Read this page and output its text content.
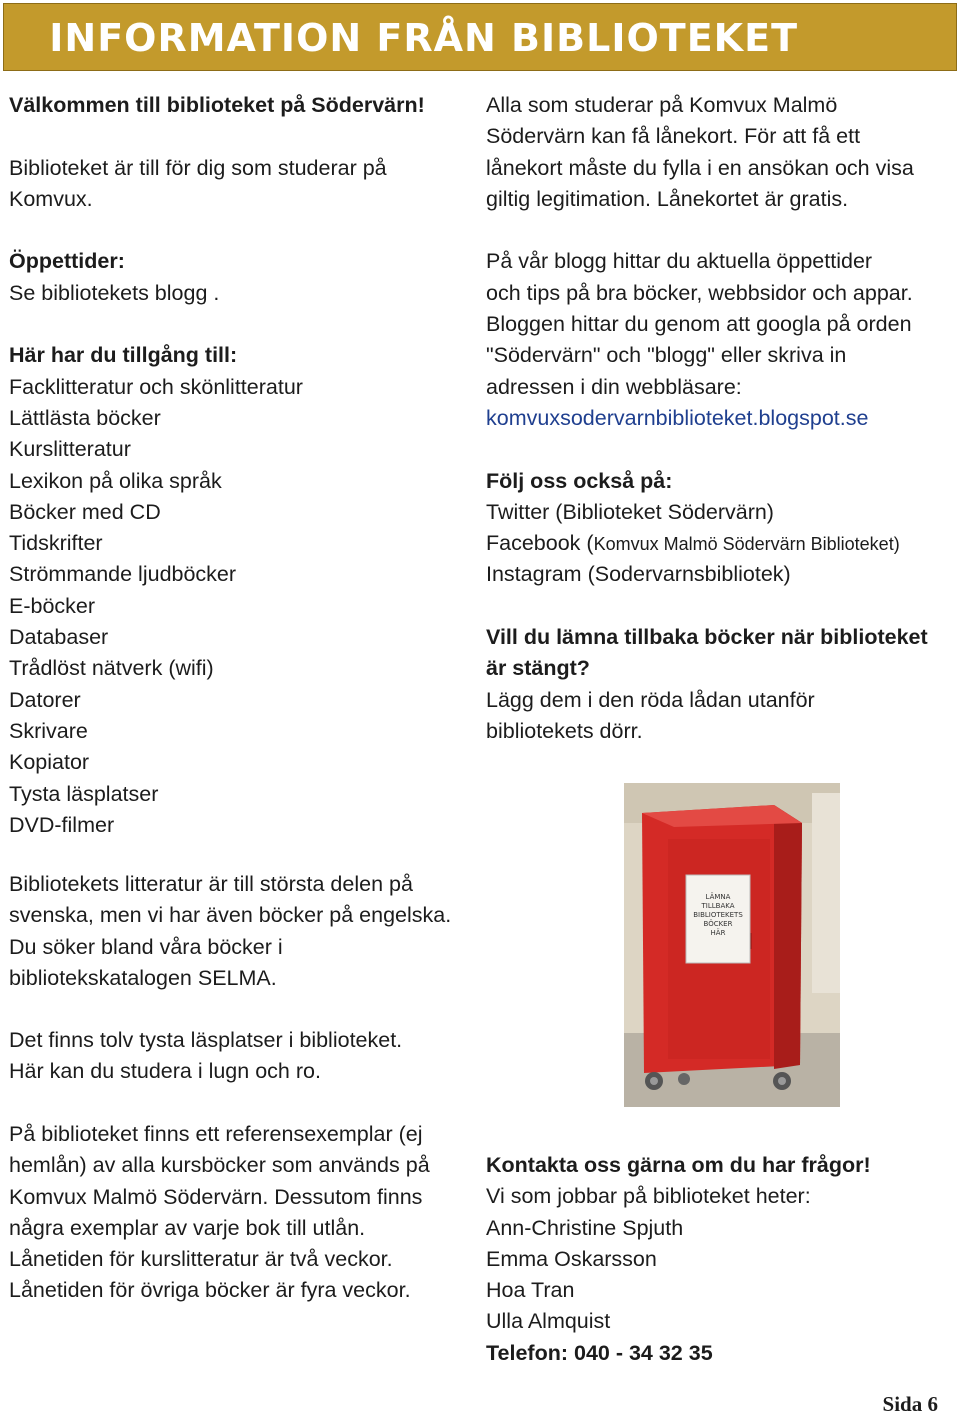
INFORMATION FRÅN BIBLIOTEKET
Välkommen till biblioteket på Södervärn!
Biblioteket är till för dig som studerar på
Komvux.
Öppettider:
Se bibliotekets blogg .
Här har du tillgång till:
Facklitteratur och skönlitteratur
Lättlästa böcker
Kurslitteratur
Lexikon på olika språk
Böcker med CD
Tidskrifter
Strömmande ljudböcker
E-böcker
Databaser
Trådlöst nätverk (wifi)
Datorer
Skrivare
Kopiator
Tysta läsplatser
DVD-filmer
Bibliotekets litteratur är till största delen på
svenska, men vi har även böcker på engelska.
Du söker bland våra böcker i
bibliotekskatalogen SELMA.
Det finns tolv tysta läsplatser i biblioteket.
Här kan du studera i lugn och ro.
På biblioteket finns ett referensexemplar (ej
hemlån) av alla kursböcker som används på
Komvux Malmö Södervärn. Dessutom finns
några exemplar av varje bok till utlån.
Lånetiden för kurslitteratur är två veckor.
Lånetiden för övriga böcker är fyra veckor.
Alla som studerar på Komvux Malmö
Södervärn kan få lånekort. För att få ett
lånekort måste du fylla i en ansökan och visa
giltig legitimation. Lånekortet är gratis.
På vår blogg hittar du aktuella öppettider
och tips på bra böcker, webbsidor och appar.
Bloggen hittar du genom att googla på orden
"Södervärn" och "blogg" eller skriva in
adressen i din webbläsare:
komvuxsodervarnbiblioteket.blogspot.se
Följ oss också på:
Twitter (Biblioteket Södervärn)
Facebook (Komvux Malmö Södervärn Biblioteket)
Instagram (Sodervarnsbibliotek)
Vill du lämna tillbaka böcker när biblioteket
är stängt?
Lägg dem i den röda lådan utanför
bibliotekets dörr.
LÄMNA
TILLBAKA
BIBLIOTEKETS
BÖCKER
HÄR
Kontakta oss gärna om du har frågor!
Vi som jobbar på biblioteket heter:
Ann-Christine Spjuth
Emma Oskarsson
Hoa Tran
Ulla Almquist
Telefon: 040 - 34 32 35
Sida 6
